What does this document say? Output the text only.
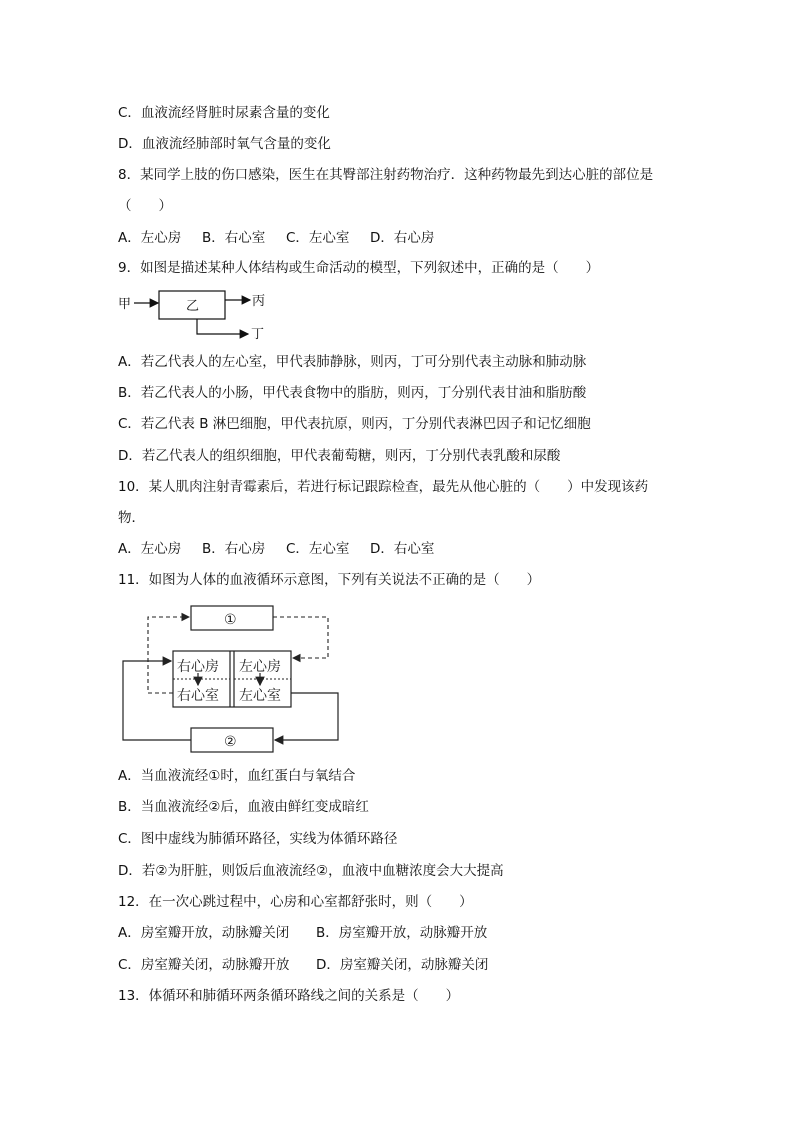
C．血液流经肾脏时尿素含量的变化
D．血液流经肺部时氧气含量的变化
8．某同学上肢的伤口感染，医生在其臀部注射药物治疗．这种药物最先到达心脏的部位是
（　　）
A．左心房 B．右心室 C．左心室 D．右心房
9．如图是描述某种人体结构或生命活动的模型，下列叙述中，正确的是（　　）
甲	乙	丙
丁
A．若乙代表人的左心室，甲代表肺静脉，则丙，丁可分别代表主动脉和肺动脉
B．若乙代表人的小肠，甲代表食物中的脂肪，则丙，丁分别代表甘油和脂肪酸
C．若乙代表 B 淋巴细胞，甲代表抗原，则丙，丁分别代表淋巴因子和记忆细胞
D．若乙代表人的组织细胞，甲代表葡萄糖，则丙，丁分别代表乳酸和尿酸
10．某人肌肉注射青霉素后，若进行标记跟踪检查，最先从他心脏的（　　）中发现该药
物．
A．左心房 B．右心房 C．左心室 D．右心室
11．如图为人体的血液循环示意图，下列有关说法不正确的是（　　）
①
右心房
右心室
左心房
左心室
②
A．当血液流经①时，血红蛋白与氧结合
B．当血液流经②后，血液由鲜红变成暗红
C．图中虚线为肺循环路径，实线为体循环路径
D．若②为肝脏，则饭后血液流经②，血液中血糖浓度会大大提高
12．在一次心跳过程中，心房和心室都舒张时，则（　　）
A．房室瓣开放，动脉瓣关闭 B．房室瓣开放，动脉瓣开放
C．房室瓣关闭，动脉瓣开放 D．房室瓣关闭，动脉瓣关闭
13．体循环和肺循环两条循环路线之间的关系是（　　）
